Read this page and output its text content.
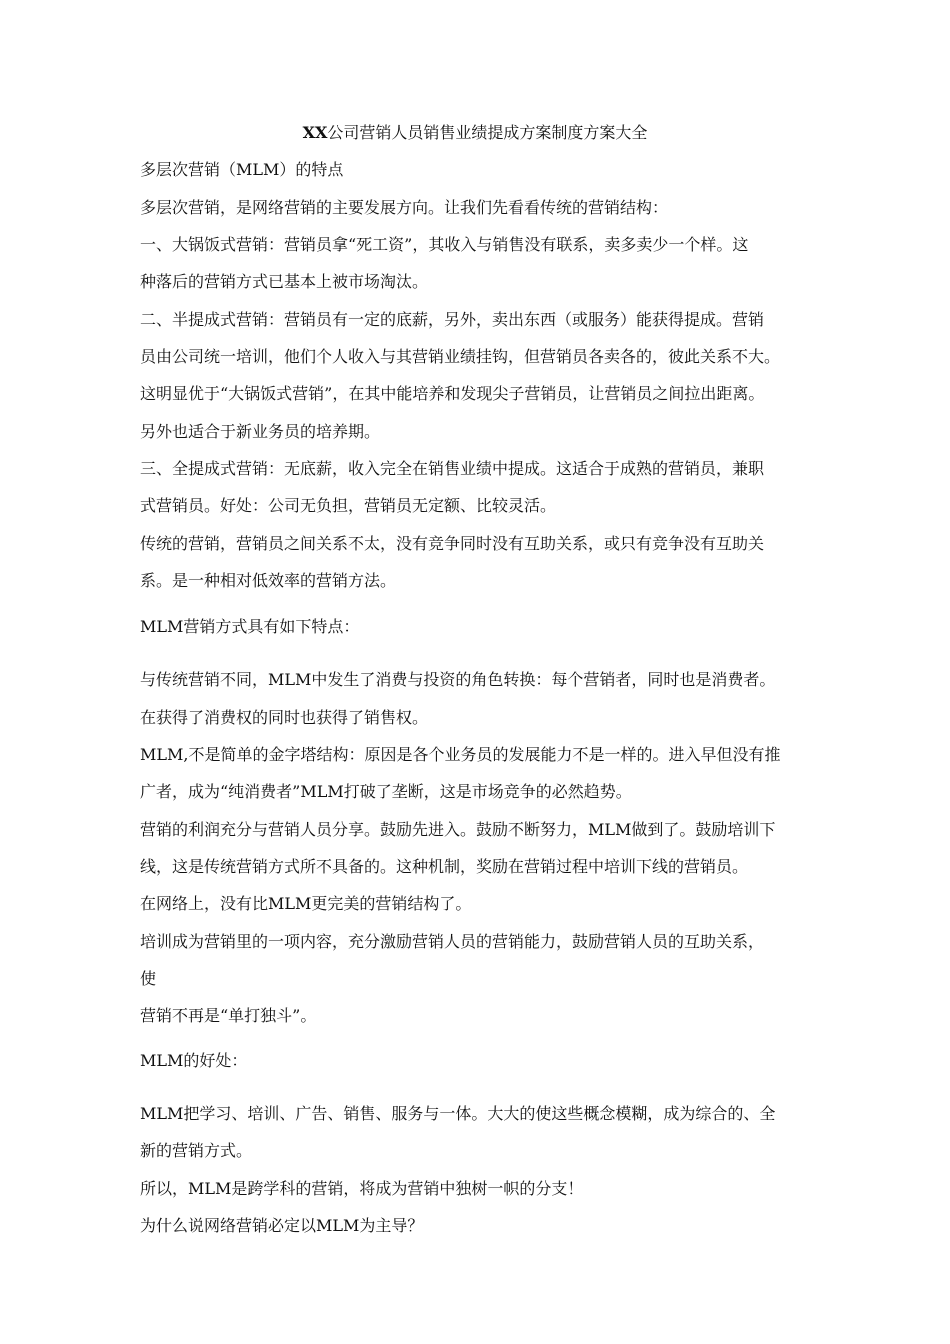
XX公司营销人员销售业绩提成方案制度方案大全
多层次营销（MLM）的特点
多层次营销，是网络营销的主要发展方向。让我们先看看传统的营销结构：
一、大锅饭式营销：营销员拿“死工资”，其收入与销售没有联系，卖多卖少一个样。这
种落后的营销方式已基本上被市场淘汰。
二、半提成式营销：营销员有一定的底薪，另外，卖出东西（或服务）能获得提成。营销
员由公司统一培训，他们个人收入与其营销业绩挂钩，但营销员各卖各的，彼此关系不大。
这明显优于“大锅饭式营销”，在其中能培养和发现尖子营销员，让营销员之间拉出距离。
另外也适合于新业务员的培养期。
三、全提成式营销：无底薪，收入完全在销售业绩中提成。这适合于成熟的营销员，兼职
式营销员。好处：公司无负担，营销员无定额、比较灵活。
传统的营销，营销员之间关系不太，没有竞争同时没有互助关系，或只有竞争没有互助关
系。是一种相对低效率的营销方法。
MLM营销方式具有如下特点：
与传统营销不同，MLM中发生了消费与投资的角色转换：每个营销者，同时也是消费者。
在获得了消费权的同时也获得了销售权。
MLM,不是简单的金字塔结构：原因是各个业务员的发展能力不是一样的。进入早但没有推
广者，成为“纯消费者”MLM打破了垄断，这是市场竞争的必然趋势。
营销的利润充分与营销人员分享。鼓励先进入。鼓励不断努力，MLM做到了。鼓励培训下
线，这是传统营销方式所不具备的。这种机制，奖励在营销过程中培训下线的营销员。
在网络上，没有比MLM更完美的营销结构了。
培训成为营销里的一项内容，充分激励营销人员的营销能力，鼓励营销人员的互助关系，
使
营销不再是“单打独斗”。
MLM的好处：
MLM把学习、培训、广告、销售、服务与一体。大大的使这些概念模糊，成为综合的、全
新的营销方式。
所以，MLM是跨学科的营销，将成为营销中独树一帜的分支！
为什么说网络营销必定以MLM为主导？
